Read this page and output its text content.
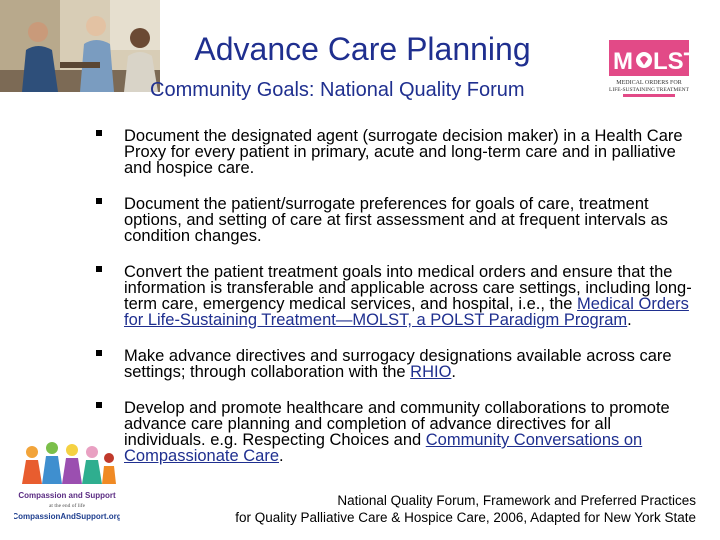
Advance Care Planning
Community Goals: National Quality Forum
M LST
MEDICAL ORDERS FOR
LIFE-SUSTAINING TREATMENT
Document the designated agent (surrogate decision maker) in a Health Care Proxy for every patient in primary, acute and long-term care and in palliative and hospice care.
Document the patient/surrogate preferences for goals of care, treatment options, and setting of care at first assessment and at frequent intervals as condition changes.
Convert the patient treatment goals into medical orders and ensure that the information is transferable and applicable across care settings, including long-term care, emergency medical services, and hospital, i.e., the Medical Orders for Life-Sustaining Treatment—MOLST, a POLST Paradigm Program.
Make advance directives and surrogacy designations available across care settings; through collaboration with the RHIO.
Develop and promote healthcare and community collaborations to promote advance care planning and completion of advance directives for all individuals. e.g. Respecting Choices and Community Conversations on Compassionate Care.
Compassion and Support
at the end of life
CompassionAndSupport.org
National Quality Forum, Framework and Preferred Practices
for Quality Palliative Care & Hospice Care, 2006, Adapted for New York State
